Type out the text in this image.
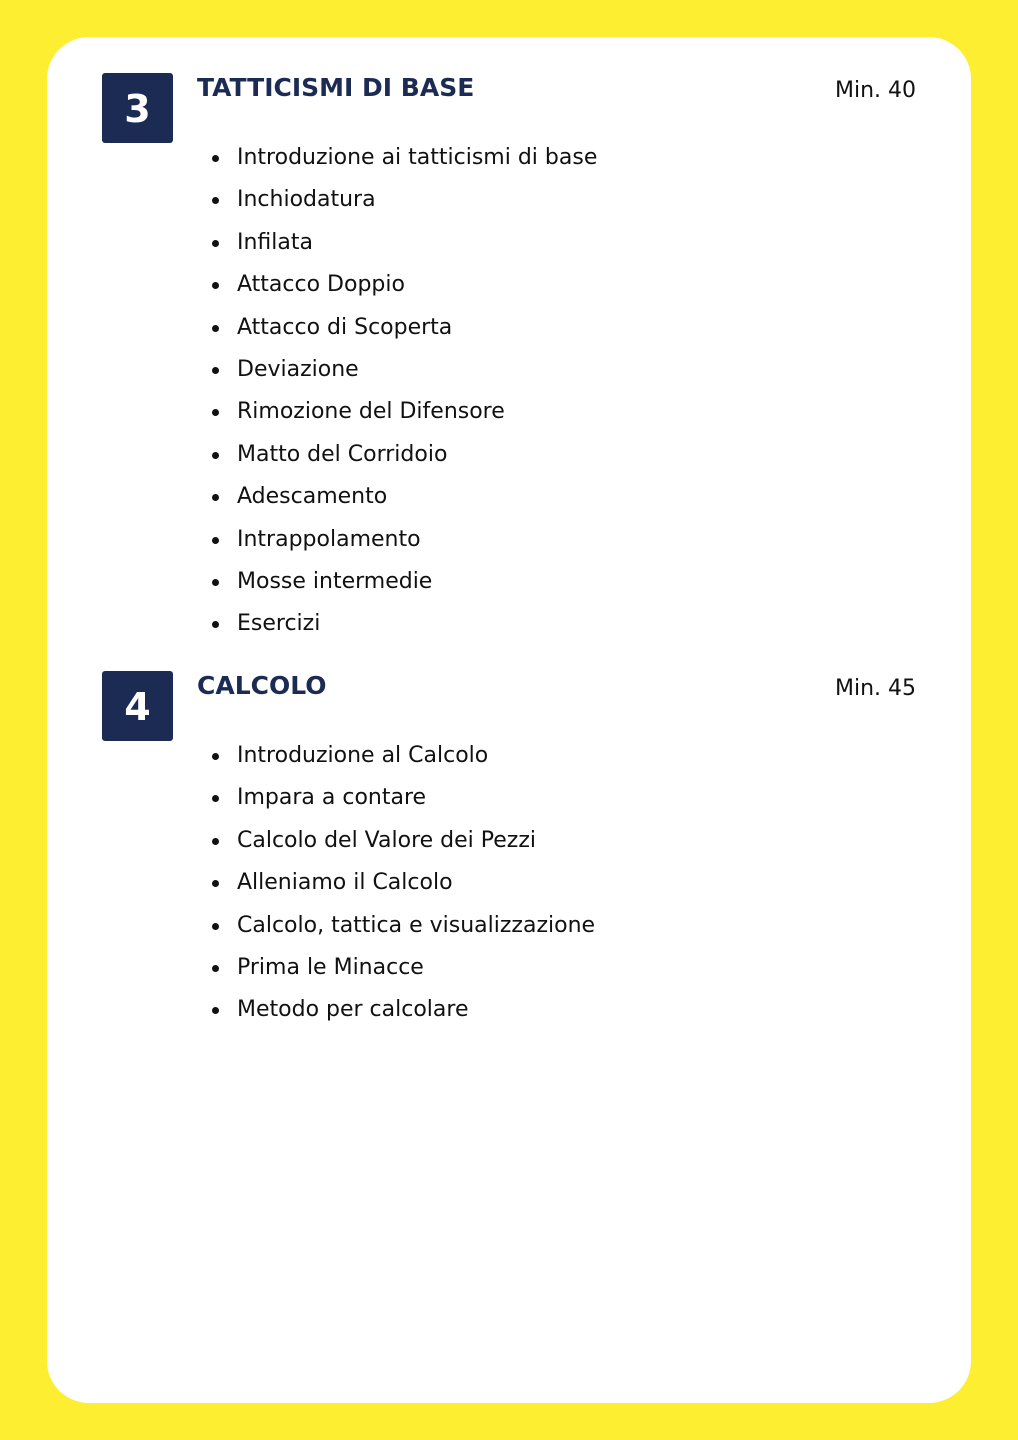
3	TATTICISMI DI BASE	Min. 40
Introduzione ai tatticismi di base
Inchiodatura
Infilata
Attacco Doppio
Attacco di Scoperta
Deviazione
Rimozione del Difensore
Matto del Corridoio
Adescamento
Intrappolamento
Mosse intermedie
Esercizi
4	CALCOLO	Min. 45
Introduzione al Calcolo
Impara a contare
Calcolo del Valore dei Pezzi
Alleniamo il Calcolo
Calcolo, tattica e visualizzazione
Prima le Minacce
Metodo per calcolare
